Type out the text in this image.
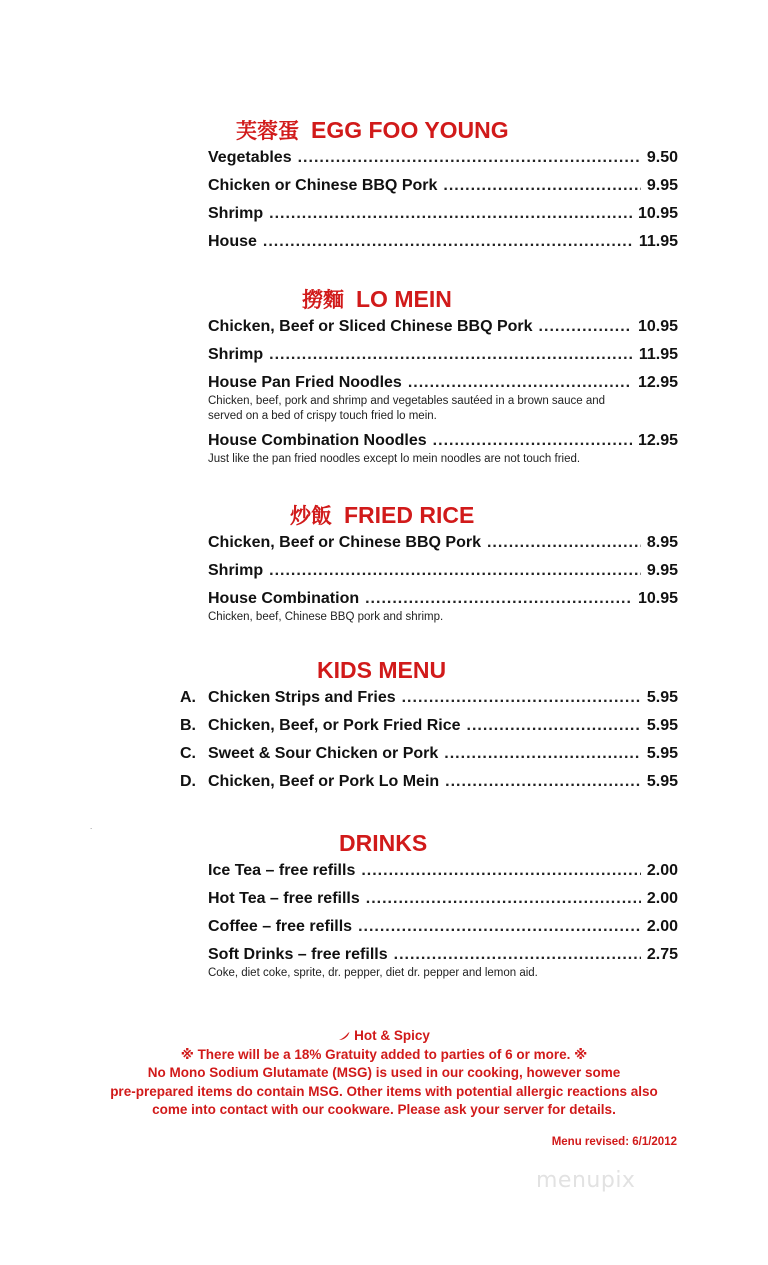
芙蓉蛋 EGG FOO YOUNG
Vegetables .....	9.50
Chicken or Chinese BBQ Pork .....	9.95
Shrimp .....	10.95
House .....	11.95
撈麵 LO MEIN
Chicken, Beef or Sliced Chinese BBQ Pork .....	10.95
Shrimp .....	11.95
House Pan Fried Noodles .....	12.95
Chicken, beef, pork and shrimp and vegetables sautéed in a brown sauce and served on a bed of crispy touch fried lo mein.
House Combination Noodles .....	12.95
Just like the pan fried noodles except lo mein noodles are not touch fried.
炒飯 FRIED RICE
Chicken, Beef or Chinese BBQ Pork .....	8.95
Shrimp .....	9.95
House Combination .....	10.95
Chicken, beef, Chinese BBQ pork and shrimp.
KIDS MENU
A. Chicken Strips and Fries .....	5.95
B. Chicken, Beef, or Pork Fried Rice .....	5.95
C. Sweet & Sour Chicken or Pork .....	5.95
D. Chicken, Beef or Pork Lo Mein .....	5.95
.
DRINKS
Ice Tea – free refills .....	2.00
Hot Tea – free refills .....	2.00
Coffee – free refills .....	2.00
Soft Drinks – free refills .....	2.75
Coke, diet coke, sprite, dr. pepper, diet dr. pepper and lemon aid.
Hot & Spicy
※ There will be a 18% Gratuity added to parties of 6 or more. ※
No Mono Sodium Glutamate (MSG) is used in our cooking, however some
pre-prepared items do contain MSG. Other items with potential allergic reactions also
come into contact with our cookware. Please ask your server for details.
Menu revised: 6/1/2012
menupix
